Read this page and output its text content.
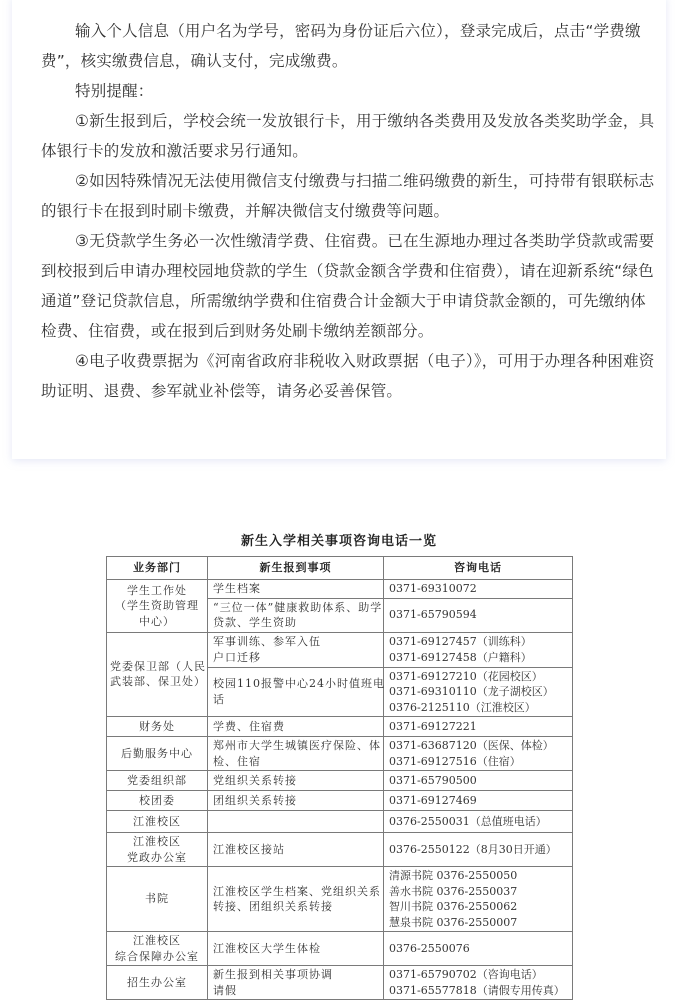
输入个人信息（用户名为学号，密码为身份证后六位），登录完成后，点击“学费缴费”，核实缴费信息，确认支付，完成缴费。

特别提醒：

①新生报到后，学校会统一发放银行卡，用于缴纳各类费用及发放各类奖助学金，具体银行卡的发放和激活要求另行通知。

②如因特殊情况无法使用微信支付缴费与扫描二维码缴费的新生，可持带有银联标志的银行卡在报到时刷卡缴费，并解决微信支付缴费等问题。

③无贷款学生务必一次性缴清学费、住宿费。已在生源地办理过各类助学贷款或需要到校报到后申请办理校园地贷款的学生（贷款金额含学费和住宿费），请在迎新系统“绿色通道”登记贷款信息，所需缴纳学费和住宿费合计金额大于申请贷款金额的，可先缴纳体检费、住宿费，或在报到后到财务处刷卡缴纳差额部分。

④电子收费票据为《河南省政府非税收入财政票据（电子）》，可用于办理各种困难资助证明、退费、参军就业补偿等，请务必妥善保管。

新生入学相关事项咨询电话一览
业务部门	新生报到事项	咨询电话

学生工作处
（学生资助管理
中心）	学生档案	0371-69310072

	“三位一体”健康救助体系、助学
贷款、学生资助	0371-65790594

党委保卫部（人民
武装部、保卫处）	军事训练、参军入伍
户口迁移	0371-69127457（训练科）
0371-69127458（户籍科）

	校园110报警中心24小时值班电
话	0371-69127210（花园校区）
0371-69310110（龙子湖校区）
0376-2125110（江淮校区）

财务处	学费、住宿费	0371-69127221

后勤服务中心	郑州市大学生城镇医疗保险、体
检、住宿	0371-63687120（医保、体检）
0371-69127516（住宿）

党委组织部	党组织关系转接	0371-65790500

校团委	团组织关系转接	0371-69127469

江淮校区		0376-2550031（总值班电话）

江淮校区
党政办公室	江淮校区接站	0376-2550122（8月30日开通）

书院	江淮校区学生档案、党组织关系
转接、团组织关系转接	清源书院 0376-2550050
善水书院 0376-2550037
智川书院 0376-2550062
慧泉书院 0376-2550007

江淮校区
综合保障办公室	江淮校区大学生体检	0376-2550076

招生办公室	新生报到相关事项协调
请假	0371-65790702（咨询电话）
0371-65577818（请假专用传真）
